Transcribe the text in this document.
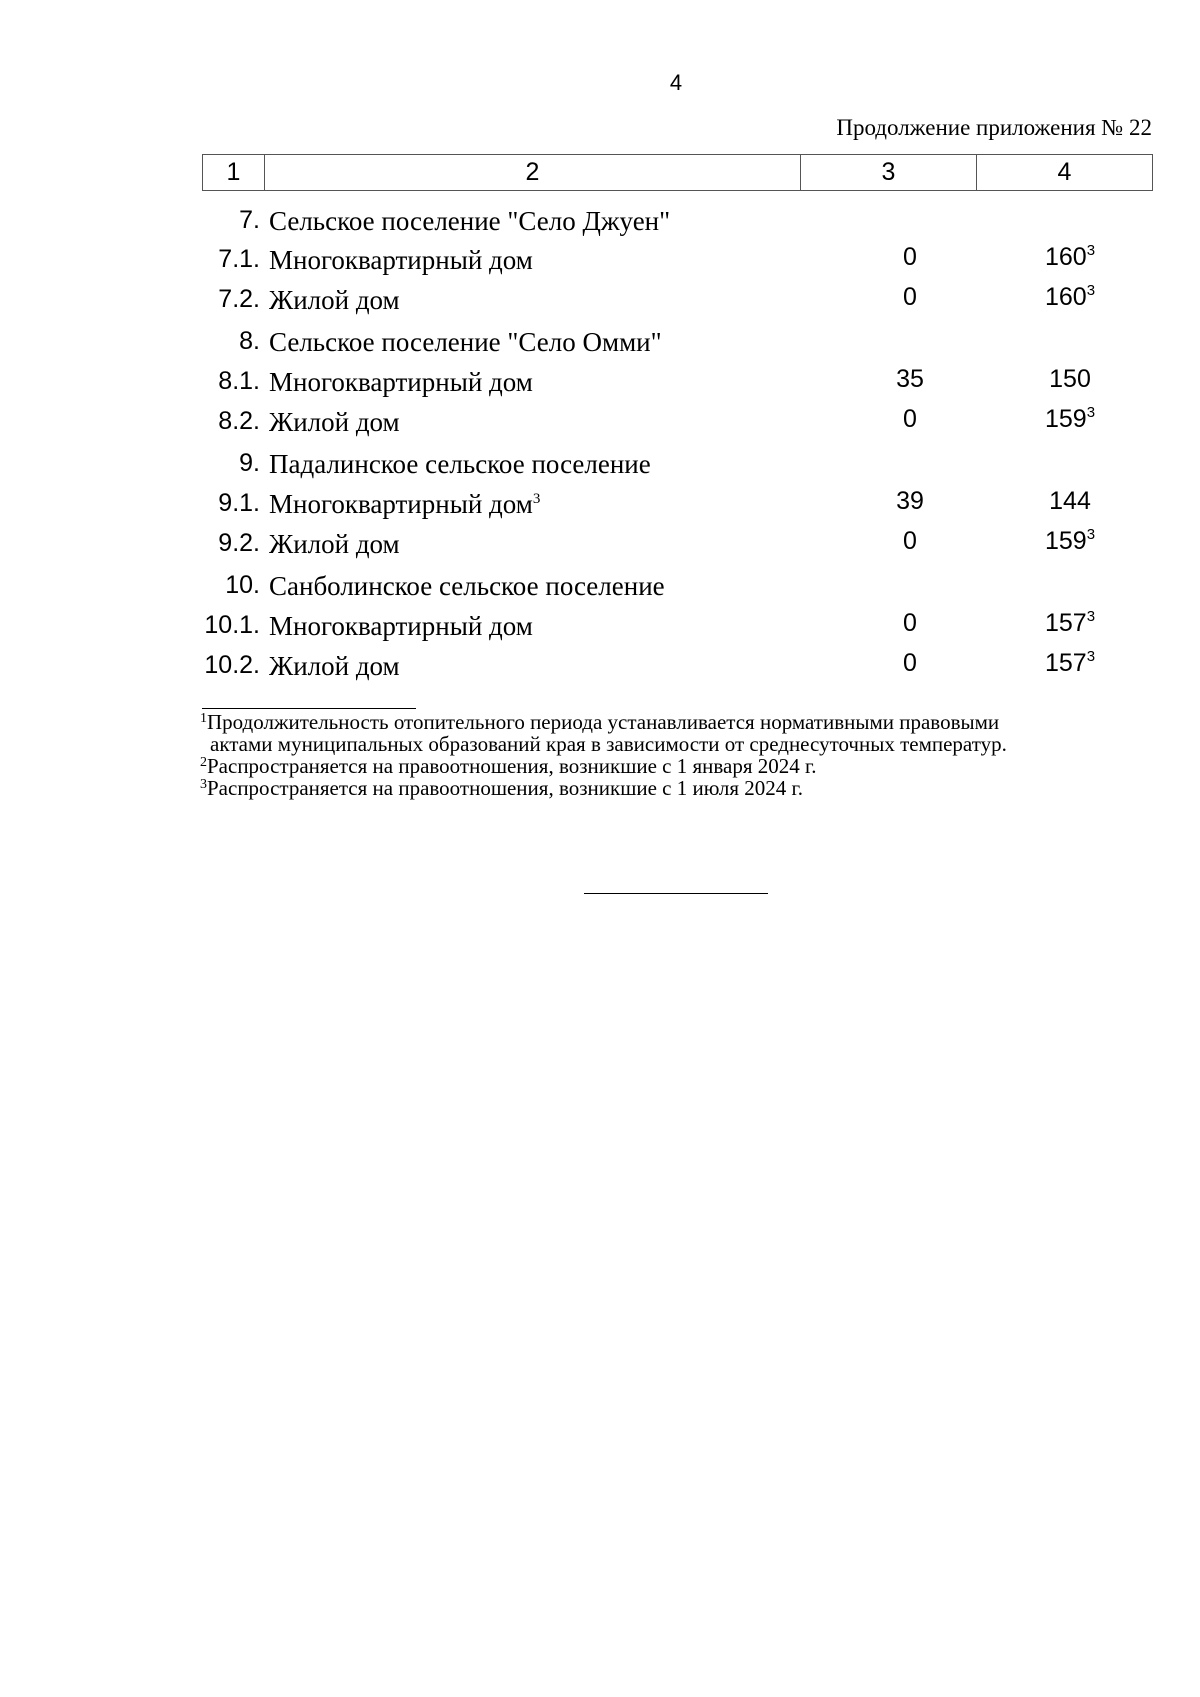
4
Продолжение приложения № 22
1	2	3	4
7. Сельское поселение "Село Джуен"
7.1. Многоквартирный дом	0	$160^3$
7.2. Жилой дом	0	$160^3$
8. Сельское поселение "Село Омми"
8.1. Многоквартирный дом	35	150
8.2. Жилой дом	0	$159^3$
9. Падалинское сельское поселение
9.1. Многоквартирный дом$^3$	39	144
9.2. Жилой дом	0	$159^3$
10. Санболинское сельское поселение
10.1. Многоквартирный дом	0	$157^3$
10.2. Жилой дом	0	$157^3$
$^1$Продолжительность отопительного периода устанавливается нормативными правовыми
актами муниципальных образований края в зависимости от среднесуточных температур.
$^2$Распространяется на правоотношения, возникшие с 1 января 2024 г.
$^3$Распространяется на правоотношения, возникшие с 1 июля 2024 г.
